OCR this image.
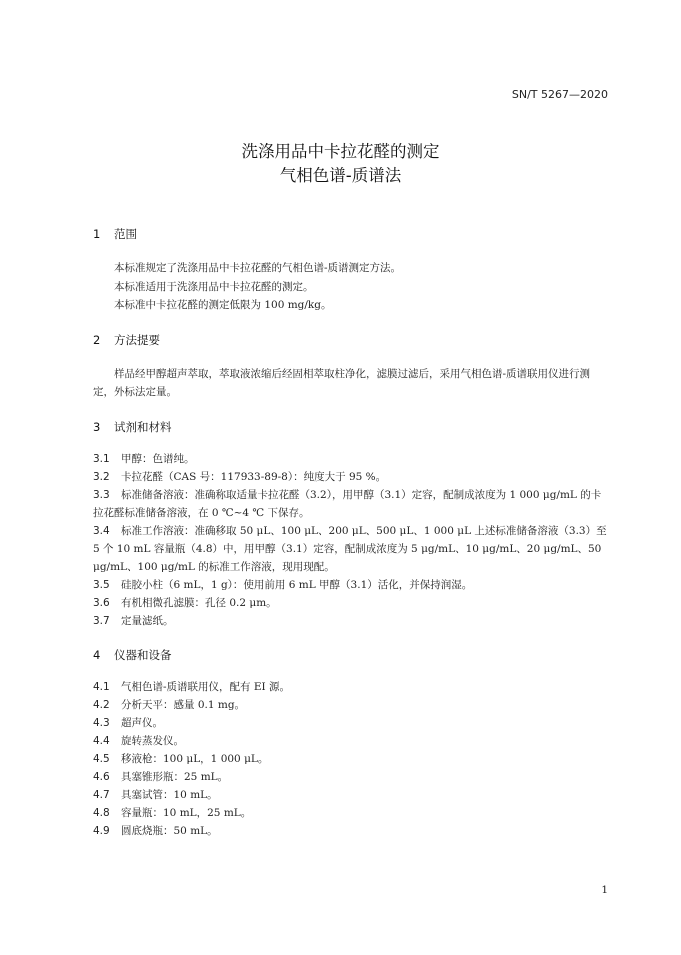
SN/T 5267—2020
洗涤用品中卡拉花醛的测定
气相色谱-质谱法
1 范围
本标准规定了洗涤用品中卡拉花醛的气相色谱-质谱测定方法。
本标准适用于洗涤用品中卡拉花醛的测定。
本标准中卡拉花醛的测定低限为 100 mg/kg。
2 方法提要
样品经甲醇超声萃取，萃取液浓缩后经固相萃取柱净化，滤膜过滤后，采用气相色谱-质谱联用仪进行测定，外标法定量。
3 试剂和材料
3.1 甲醇：色谱纯。
3.2 卡拉花醛（CAS 号：117933-89-8）：纯度大于 95 %。
3.3 标准储备溶液：准确称取适量卡拉花醛（3.2），用甲醇（3.1）定容，配制成浓度为 1 000 μg/mL 的卡拉花醛标准储备溶液，在 0 ℃~4 ℃ 下保存。
3.4 标准工作溶液：准确移取 50 μL、100 μL、200 μL、500 μL、1 000 μL 上述标准储备溶液（3.3）至 5 个 10 mL 容量瓶（4.8）中，用甲醇（3.1）定容，配制成浓度为 5 μg/mL、10 μg/mL、20 μg/mL、50 μg/mL、100 μg/mL 的标准工作溶液，现用现配。
3.5 硅胶小柱（6 mL，1 g）：使用前用 6 mL 甲醇（3.1）活化，并保持润湿。
3.6 有机相微孔滤膜：孔径 0.2 μm。
3.7 定量滤纸。
4 仪器和设备
4.1 气相色谱-质谱联用仪，配有 EI 源。
4.2 分析天平：感量 0.1 mg。
4.3 超声仪。
4.4 旋转蒸发仪。
4.5 移液枪：100 μL，1 000 μL。
4.6 具塞锥形瓶：25 mL。
4.7 具塞试管：10 mL。
4.8 容量瓶：10 mL，25 mL。
4.9 圆底烧瓶：50 mL。
1
